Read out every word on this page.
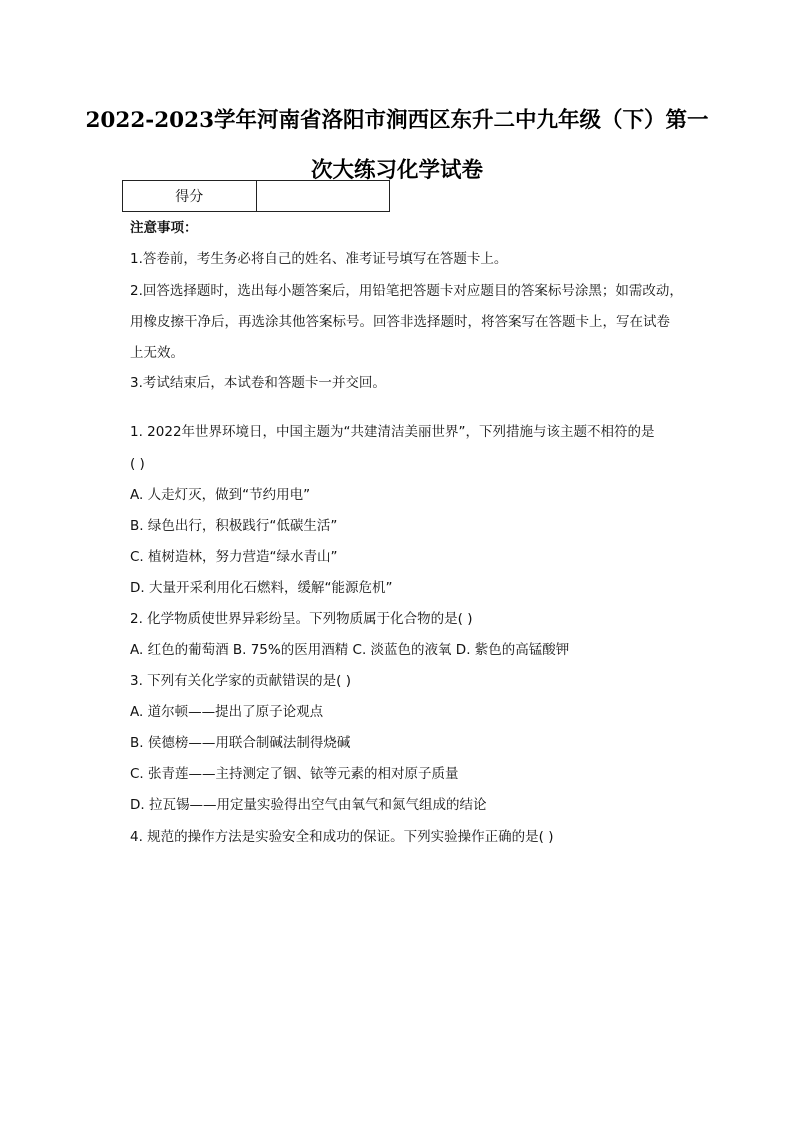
2022-2023学年河南省洛阳市涧西区东升二中九年级（下）第一
次大练习化学试卷
得分	
注意事项：
1.答卷前，考生务必将自己的姓名、准考证号填写在答题卡上。
2.回答选择题时，选出每小题答案后，用铅笔把答题卡对应题目的答案标号涂黑；如需改动，
用橡皮擦干净后，再选涂其他答案标号。回答非选择题时，将答案写在答题卡上，写在试卷
上无效。
3.考试结束后，本试卷和答题卡一并交回。
1. 2022年世界环境日，中国主题为“共建清洁美丽世界”，下列措施与该主题不相符的是
( )
A. 人走灯灭，做到“节约用电”
B. 绿色出行，积极践行“低碳生活”
C. 植树造林，努力营造“绿水青山”
D. 大量开采利用化石燃料，缓解“能源危机”
2. 化学物质使世界异彩纷呈。下列物质属于化合物的是( )
A. 红色的葡萄酒 B. 75%的医用酒精 C. 淡蓝色的液氧 D. 紫色的高锰酸钾
3. 下列有关化学家的贡献错误的是( )
A. 道尔顿——提出了原子论观点
B. 侯德榜——用联合制碱法制得烧碱
C. 张青莲——主持测定了铟、铱等元素的相对原子质量
D. 拉瓦锡——用定量实验得出空气由氧气和氮气组成的结论
4. 规范的操作方法是实验安全和成功的保证。下列实验操作正确的是( )
